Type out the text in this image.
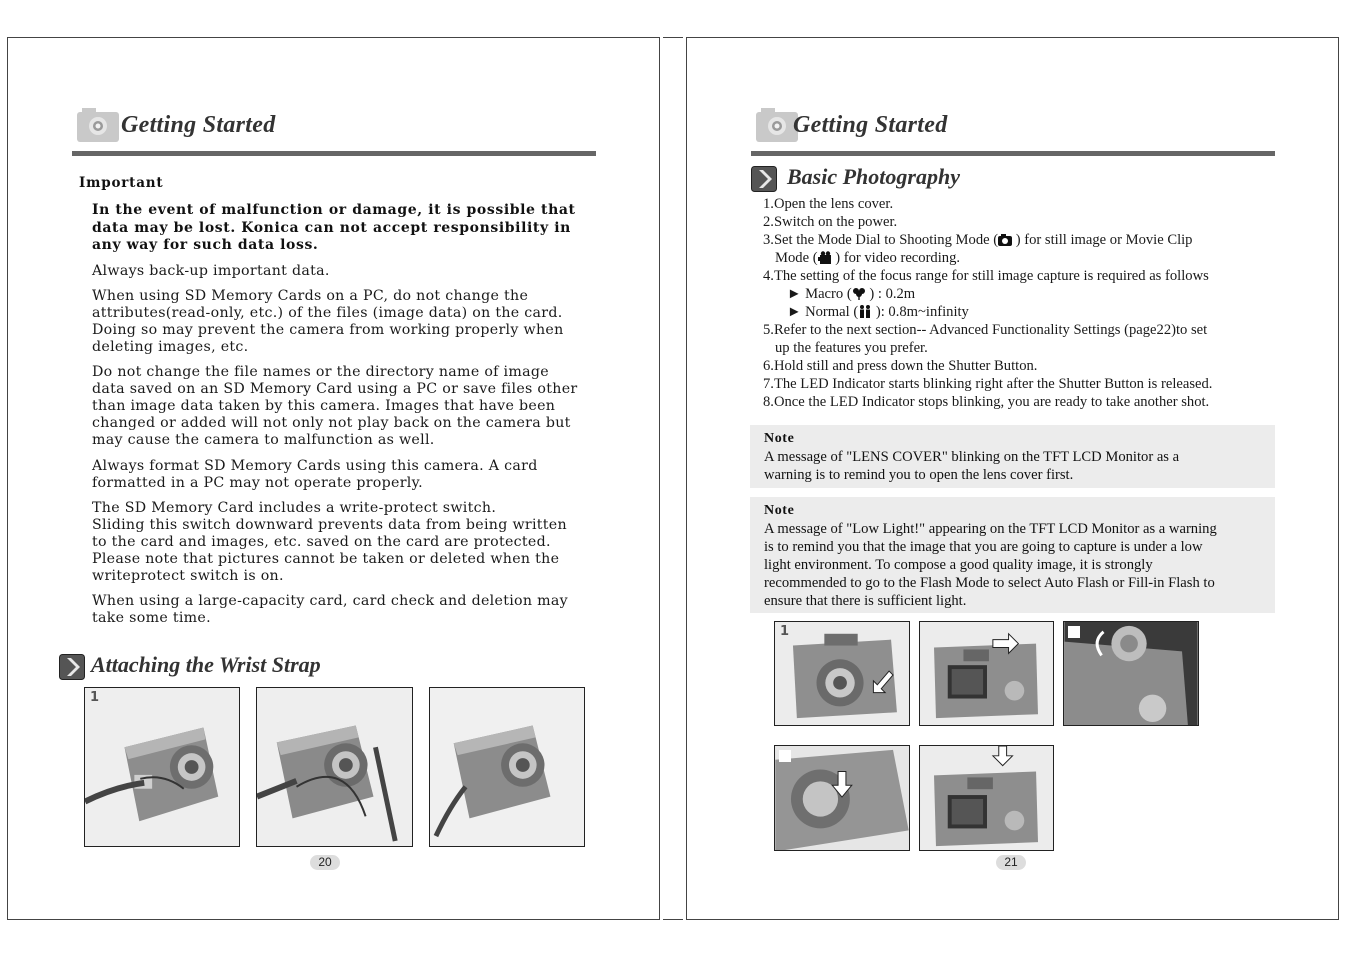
Getting Started
Important
In the event of malfunction or damage, it is possible that
data may be lost. Konica can not accept responsibility in
any way for such data loss.
Always back-up important data.
When using SD Memory Cards on a PC, do not change the
attributes(read-only, etc.) of the files (image data) on the card.
Doing so may prevent the camera from working properly when
deleting images, etc.
Do not change the file names or the directory name of image
data saved on an SD Memory Card using a PC or save files other
than image data taken by this camera. Images that have been
changed or added will not only not play back on the camera but
may cause the camera to malfunction as well.
Always format SD Memory Cards using this camera. A card
formatted in a PC may not operate properly.
The SD Memory Card includes a write-protect switch.
Sliding this switch downward prevents data from being written
to the card and images, etc. saved on the card are protected.
Please note that pictures cannot be taken or deleted when the
writeprotect switch is on.
When using a large-capacity card, card check and deletion may
take some time.
Attaching the Wrist Strap
1
20
Getting Started
Basic Photography
1.Open the lens cover.
2.Switch on the power.
3.Set the Mode Dial to Shooting Mode ( ) for still image or Movie Clip
Mode ( ) for video recording.
4.The setting of the focus range for still image capture is required as follows
► Macro ( ) : 0.2m
► Normal ( ): 0.8m~infinity
5.Refer to the next section-- Advanced Functionality Settings (page22)to set
up the features you prefer.
6.Hold still and press down the Shutter Button.
7.The LED Indicator starts blinking right after the Shutter Button is released.
8.Once the LED Indicator stops blinking, you are ready to take another shot.
Note
A message of "LENS COVER" blinking on the TFT LCD Monitor as a
warning is to remind you to open the lens cover first.
Note
A message of "Low Light!" appearing on the TFT LCD Monitor as a warning
is to remind you that the image that you are going to capture is under a low
light environment. To compose a good quality image, it is strongly
recommended to go to the Flash Mode to select Auto Flash or Fill-in Flash to
ensure that there is sufficient light.
1
21
